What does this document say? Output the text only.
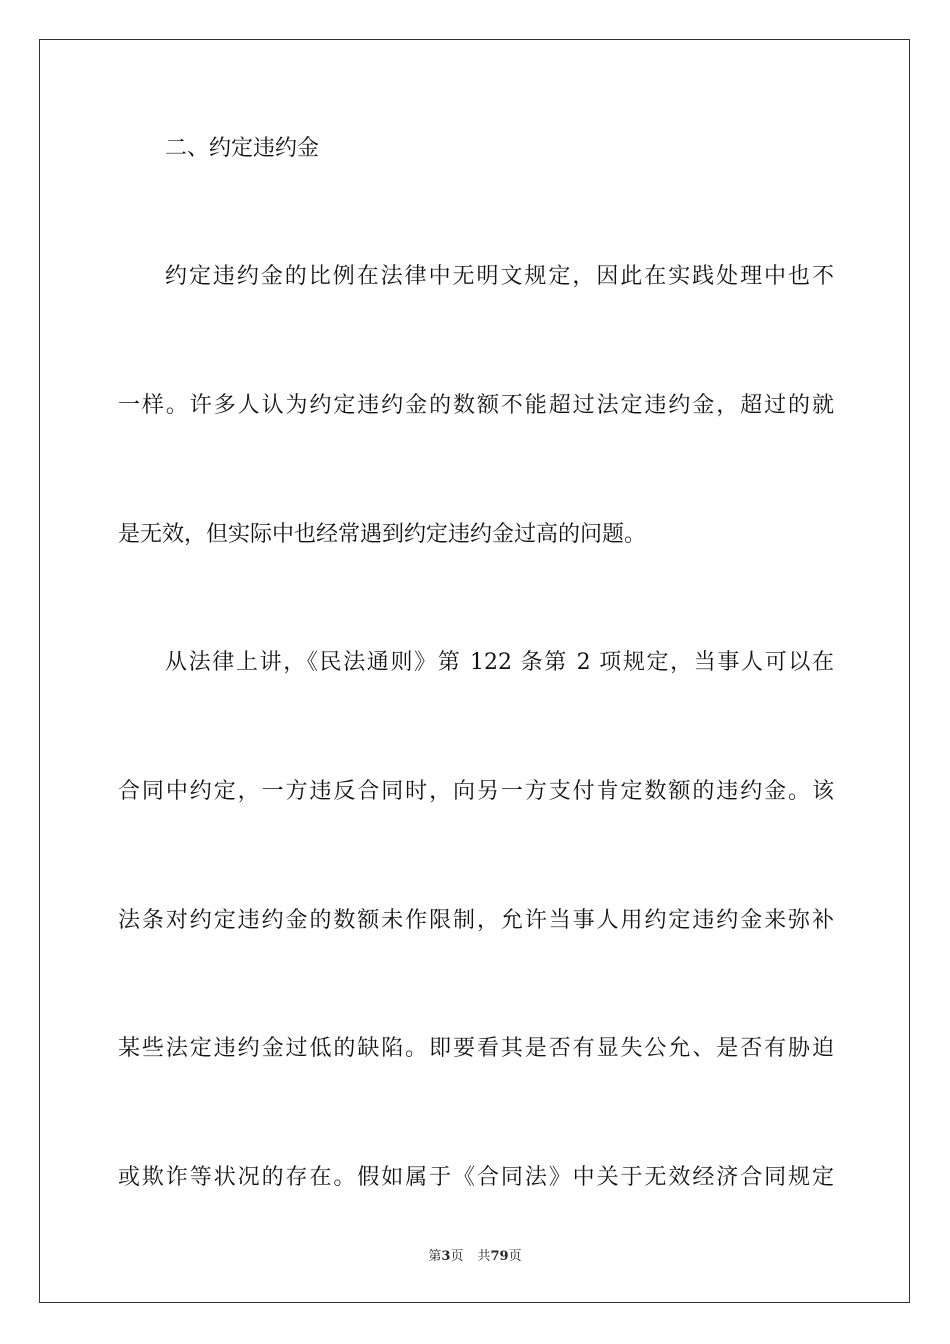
二、约定违约金
约定违约金的比例在法律中无明文规定，因此在实践处理中也不
一样。许多人认为约定违约金的数额不能超过法定违约金，超过的就
是无效，但实际中也经常遇到约定违约金过高的问题。
从法律上讲，《民法通则》第 122 条第 2 项规定，当事人可以在
合同中约定，一方违反合同时，向另一方支付肯定数额的违约金。该
法条对约定违约金的数额未作限制，允许当事人用约定违约金来弥补
某些法定违约金过低的缺陷。即要看其是否有显失公允、是否有胁迫
或欺诈等状况的存在。假如属于《合同法》中关于无效经济合同规定
第3页 共79页
